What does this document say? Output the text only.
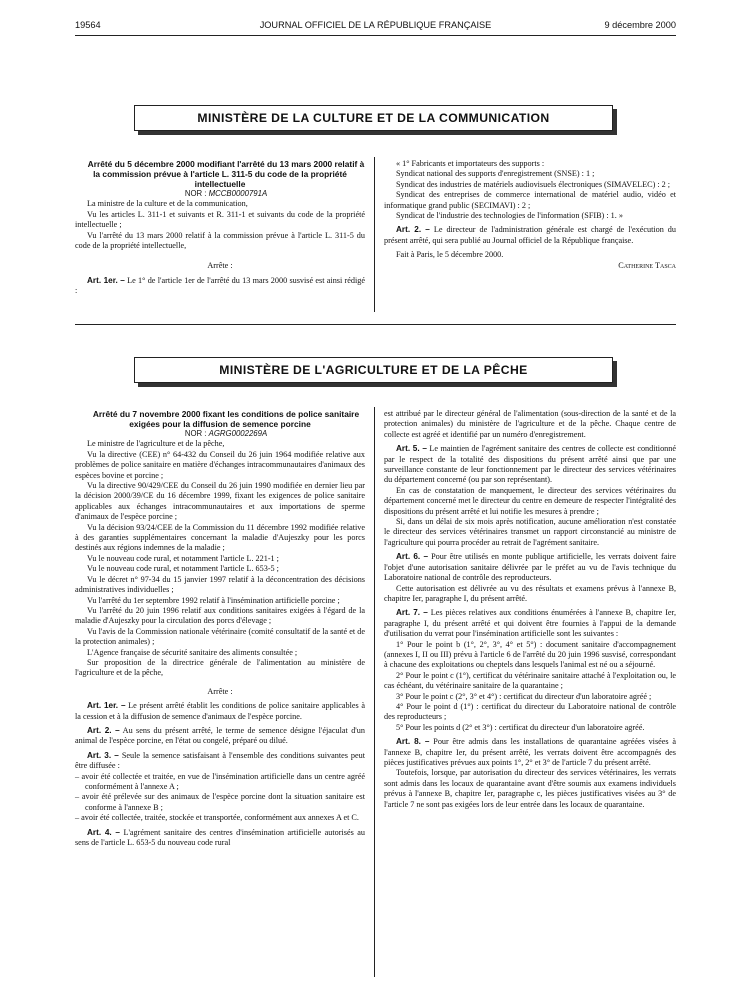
19564	JOURNAL OFFICIEL DE LA RÉPUBLIQUE FRANÇAISE	9 décembre 2000
MINISTÈRE DE LA CULTURE ET DE LA COMMUNICATION

Arrêté du 5 décembre 2000 modifiant l'arrêté du 13 mars 2000 relatif à la commission prévue à l'article L. 311-5 du code de la propriété intellectuelle

NOR : MCCB0000791A

La ministre de la culture et de la communication,

Vu les articles L. 311-1 et suivants et R. 311-1 et suivants du code de la propriété intellectuelle ;

Vu l'arrêté du 13 mars 2000 relatif à la commission prévue à l'article L. 311-5 du code de la propriété intellectuelle,

Arrête :

Art. 1er. – Le 1° de l'article 1er de l'arrêté du 13 mars 2000 susvisé est ainsi rédigé :

« 1° Fabricants et importateurs des supports :

Syndicat national des supports d'enregistrement (SNSE) : 1 ;

Syndicat des industries de matériels audiovisuels électroniques (SIMAVELEC) : 2 ;

Syndicat des entreprises de commerce international de matériel audio, vidéo et informatique grand public (SECIMAVI) : 2 ;

Syndicat de l'industrie des technologies de l'information (SFIB) : 1. »

Art. 2. – Le directeur de l'administration générale est chargé de l'exécution du présent arrêté, qui sera publié au Journal officiel de la République française.

Fait à Paris, le 5 décembre 2000.

Catherine Tasca

MINISTÈRE DE L'AGRICULTURE ET DE LA PÊCHE

Arrêté du 7 novembre 2000 fixant les conditions de police sanitaire exigées pour la diffusion de semence porcine

NOR : AGRG0002269A

Le ministre de l'agriculture et de la pêche,

Vu la directive (CEE) n° 64-432 du Conseil du 26 juin 1964 modifiée relative aux problèmes de police sanitaire en matière d'échanges intracommunautaires d'animaux des espèces bovine et porcine ;

Vu la directive 90/429/CEE du Conseil du 26 juin 1990 modifiée en dernier lieu par la décision 2000/39/CE du 16 décembre 1999, fixant les exigences de police sanitaire applicables aux échanges intracommunautaires et aux importations de sperme d'animaux de l'espèce porcine ;

Vu la décision 93/24/CEE de la Commission du 11 décembre 1992 modifiée relative à des garanties supplémentaires concernant la maladie d'Aujeszky pour les porcs destinés aux régions indemnes de la maladie ;

Vu le nouveau code rural, et notamment l'article L. 221-1 ;

Vu le nouveau code rural, et notamment l'article L. 653-5 ;

Vu le décret n° 97-34 du 15 janvier 1997 relatif à la déconcentration des décisions administratives individuelles ;

Vu l'arrêté du 1er septembre 1992 relatif à l'insémination artificielle porcine ;

Vu l'arrêté du 20 juin 1996 relatif aux conditions sanitaires exigées à l'égard de la maladie d'Aujeszky pour la circulation des porcs d'élevage ;

Vu l'avis de la Commission nationale vétérinaire (comité consultatif de la santé et de la protection animales) ;

L'Agence française de sécurité sanitaire des aliments consultée ;

Sur proposition de la directrice générale de l'alimentation au ministère de l'agriculture et de la pêche,

Arrête :

Art. 1er. – Le présent arrêté établit les conditions de police sanitaire applicables à la cession et à la diffusion de semence d'animaux de l'espèce porcine.

Art. 2. – Au sens du présent arrêté, le terme de semence désigne l'éjaculat d'un animal de l'espèce porcine, en l'état ou congelé, préparé ou dilué.

Art. 3. – Seule la semence satisfaisant à l'ensemble des conditions suivantes peut être diffusée :

– avoir été collectée et traitée, en vue de l'insémination artificielle dans un centre agréé conformément à l'annexe A ;

– avoir été prélevée sur des animaux de l'espèce porcine dont la situation sanitaire est conforme à l'annexe B ;

– avoir été collectée, traitée, stockée et transportée, conformément aux annexes A et C.

Art. 4. – L'agrément sanitaire des centres d'insémination artificielle autorisés au sens de l'article L. 653-5 du nouveau code rural

est attribué par le directeur général de l'alimentation (sous-direction de la santé et de la protection animales) du ministère de l'agriculture et de la pêche. Chaque centre de collecte est agréé et identifié par un numéro d'enregistrement.

Art. 5. – Le maintien de l'agrément sanitaire des centres de collecte est conditionné par le respect de la totalité des dispositions du présent arrêté ainsi que par une surveillance constante de leur fonctionnement par le directeur des services vétérinaires du département concerné (ou par son représentant).

En cas de constatation de manquement, le directeur des services vétérinaires du département concerné met le directeur du centre en demeure de respecter l'intégralité des dispositions du présent arrêté et lui notifie les mesures à prendre ;

Si, dans un délai de six mois après notification, aucune amélioration n'est constatée le directeur des services vétérinaires transmet un rapport circonstancié au ministre de l'agriculture qui pourra procéder au retrait de l'agrément sanitaire.

Art. 6. – Pour être utilisés en monte publique artificielle, les verrats doivent faire l'objet d'une autorisation sanitaire délivrée par le préfet au vu de l'avis technique du Laboratoire national de contrôle des reproducteurs.

Cette autorisation est délivrée au vu des résultats et examens prévus à l'annexe B, chapitre Ier, paragraphe I, du présent arrêté.

Art. 7. – Les pièces relatives aux conditions énumérées à l'annexe B, chapitre Ier, paragraphe I, du présent arrêté et qui doivent être fournies à l'appui de la demande d'utilisation du verrat pour l'insémination artificielle sont les suivantes :

1° Pour le point b (1°, 2°, 3°, 4° et 5°) : document sanitaire d'accompagnement (annexes I, II ou III) prévu à l'article 6 de l'arrêté du 20 juin 1996 susvisé, correspondant à chacune des exploitations ou cheptels dans lesquels l'animal est né ou a séjourné.

2° Pour le point c (1°), certificat du vétérinaire sanitaire attaché à l'exploitation ou, le cas échéant, du vétérinaire sanitaire de la quarantaine ;

3° Pour le point c (2°, 3° et 4°) : certificat du directeur d'un laboratoire agréé ;

4° Pour le point d (1°) : certificat du directeur du Laboratoire national de contrôle des reproducteurs ;

5° Pour les points d (2° et 3°) : certificat du directeur d'un laboratoire agréé.

Art. 8. – Pour être admis dans les installations de quarantaine agréées visées à l'annexe B, chapitre Ier, du présent arrêté, les verrats doivent être accompagnés des pièces justificatives prévues aux points 1°, 2° et 3° de l'article 7 du présent arrêté.

Toutefois, lorsque, par autorisation du directeur des services vétérinaires, les verrats sont admis dans les locaux de quarantaine avant d'être soumis aux examens individuels prévus à l'annexe B, chapitre Ier, paragraphe c, les pièces justificatives visées au 3° de l'article 7 ne sont pas exigées lors de leur entrée dans les locaux de quarantaine.
